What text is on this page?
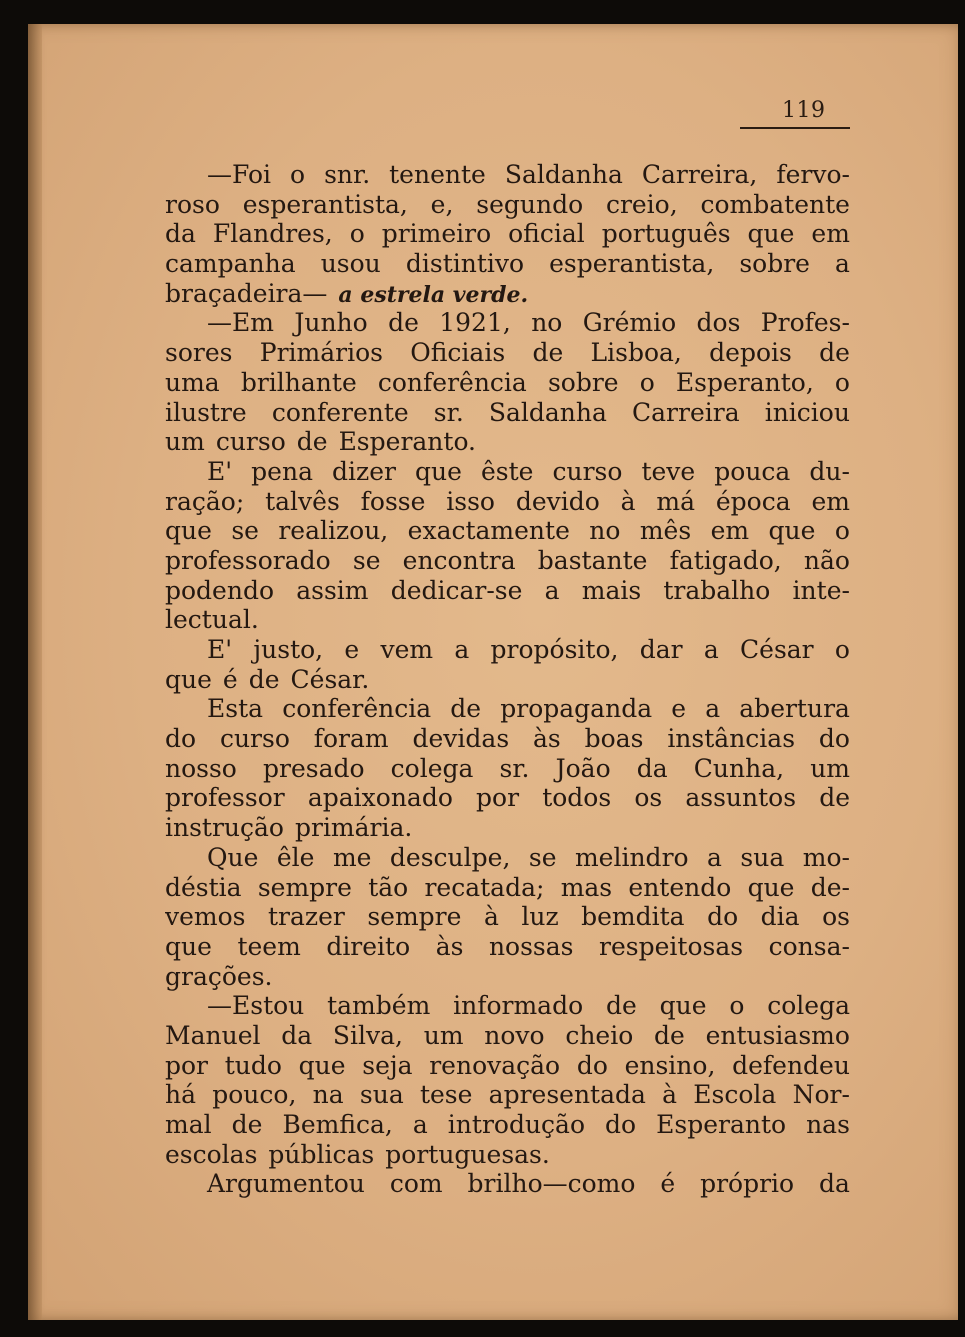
119
—Foi o snr. tenente Saldanha Carreira, fervo-
roso esperantista, e, segundo creio, combatente
da Flandres, o primeiro oficial português que em
campanha usou distintivo esperantista, sobre a
braçadeira— a estrela verde.
—Em Junho de 1921, no Grémio dos Profes-
sores Primários Oficiais de Lisboa, depois de
uma brilhante conferência sobre o Esperanto, o
ilustre conferente sr. Saldanha Carreira iniciou
um curso de Esperanto.
E' pena dizer que êste curso teve pouca du-
ração; talvês fosse isso devido à má época em
que se realizou, exactamente no mês em que o
professorado se encontra bastante fatigado, não
podendo assim dedicar-se a mais trabalho inte-
lectual.
E' justo, e vem a propósito, dar a César o
que é de César.
Esta conferência de propaganda e a abertura
do curso foram devidas às boas instâncias do
nosso presado colega sr. João da Cunha, um
professor apaixonado por todos os assuntos de
instrução primária.
Que êle me desculpe, se melindro a sua mo-
déstia sempre tão recatada; mas entendo que de-
vemos trazer sempre à luz bemdita do dia os
que teem direito às nossas respeitosas consa-
grações.
—Estou também informado de que o colega
Manuel da Silva, um novo cheio de entusiasmo
por tudo que seja renovação do ensino, defendeu
há pouco, na sua tese apresentada à Escola Nor-
mal de Bemfica, a introdução do Esperanto nas
escolas públicas portuguesas.
Argumentou com brilho—como é próprio da
